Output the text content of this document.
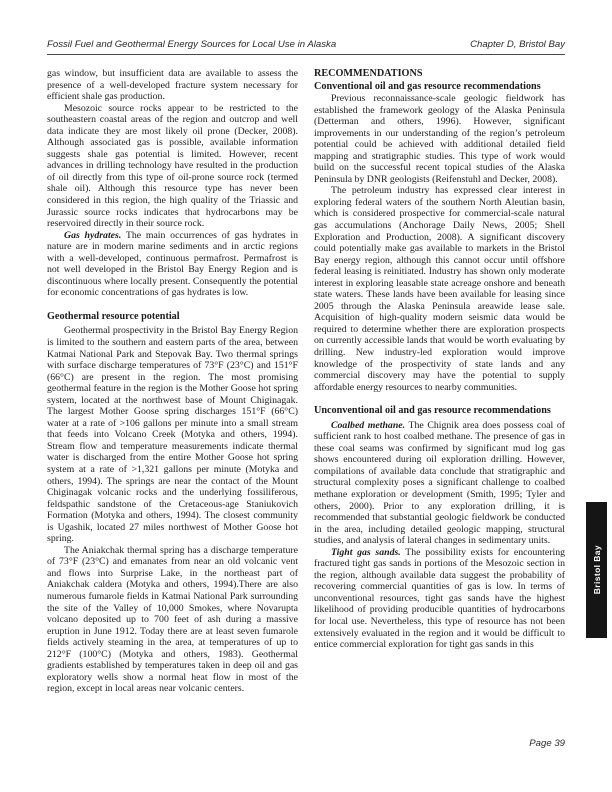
Fossil Fuel and Geothermal Energy Sources for Local Use in Alaska	Chapter D, Bristol Bay

gas window, but insufficient data are available to assess the presence of a well-developed fracture system necessary for efficient shale gas production.

Mesozoic source rocks appear to be restricted to the southeastern coastal areas of the region and outcrop and well data indicate they are most likely oil prone (Decker, 2008). Although associated gas is possible, available information suggests shale gas potential is limited. However, recent advances in drilling technology have resulted in the production of oil directly from this type of oil-prone source rock (termed shale oil). Although this resource type has never been considered in this region, the high quality of the Triassic and Jurassic source rocks indicates that hydrocarbons may be reservoired directly in their source rock.

Gas hydrates. The main occurrences of gas hydrates in nature are in modern marine sediments and in arctic regions with a well-developed, continuous permafrost. Permafrost is not well developed in the Bristol Bay Energy Region and is discontinuous where locally present. Consequently the potential for economic concentrations of gas hydrates is low.

Geothermal resource potential

Geothermal prospectivity in the Bristol Bay Energy Region is limited to the southern and eastern parts of the area, between Katmai National Park and Stepovak Bay. Two thermal springs with surface discharge temperatures of 73°F (23°C) and 151°F (66°C) are present in the region. The most promising geothermal feature in the region is the Mother Goose hot spring system, located at the northwest base of Mount Chiginagak. The largest Mother Goose spring discharges 151°F (66°C) water at a rate of >106 gallons per minute into a small stream that feeds into Volcano Creek (Motyka and others, 1994). Stream flow and temperature measurements indicate thermal water is discharged from the entire Mother Goose hot spring system at a rate of >1,321 gallons per minute (Motyka and others, 1994). The springs are near the contact of the Mount Chiginagak volcanic rocks and the underlying fossiliferous, feldspathic sandstone of the Cretaceous-age Staniukovich Formation (Motyka and others, 1994). The closest community is Ugashik, located 27 miles northwest of Mother Goose hot spring.

The Aniakchak thermal spring has a discharge temperature of 73°F (23°C) and emanates from near an old volcanic vent and flows into Surprise Lake, in the northeast part of Aniakchak caldera (Motyka and others, 1994).There are also numerous fumarole fields in Katmai National Park surrounding the site of the Valley of 10,000 Smokes, where Novarupta volcano deposited up to 700 feet of ash during a massive eruption in June 1912. Today there are at least seven fumarole fields actively steaming in the area, at temperatures of up to 212°F (100°C) (Motyka and others, 1983). Geothermal gradients established by temperatures taken in deep oil and gas exploratory wells show a normal heat flow in most of the region, except in local areas near volcanic centers.

RECOMMENDATIONS
Conventional oil and gas resource recommendations

Previous reconnaissance-scale geologic fieldwork has established the framework geology of the Alaska Peninsula (Detterman and others, 1996). However, significant improvements in our understanding of the region’s petroleum potential could be achieved with additional detailed field mapping and stratigraphic studies. This type of work would build on the successful recent topical studies of the Alaska Peninsula by DNR geologists (Reifenstuhl and Decker, 2008).

The petroleum industry has expressed clear interest in exploring federal waters of the southern North Aleutian basin, which is considered prospective for commercial-scale natural gas accumulations (Anchorage Daily News, 2005; Shell Exploration and Production, 2008). A significant discovery could potentially make gas available to markets in the Bristol Bay energy region, although this cannot occur until offshore federal leasing is reinitiated. Industry has shown only moderate interest in exploring leasable state acreage onshore and beneath state waters. These lands have been available for leasing since 2005 through the Alaska Peninsula areawide lease sale. Acquisition of high-quality modern seismic data would be required to determine whether there are exploration prospects on currently accessible lands that would be worth evaluating by drilling. New industry-led exploration would improve knowledge of the prospectivity of state lands and any commercial discovery may have the potential to supply affordable energy resources to nearby communities.

Unconventional oil and gas resource recommendations

Coalbed methane. The Chignik area does possess coal of sufficient rank to host coalbed methane. The presence of gas in these coal seams was confirmed by significant mud log gas shows encountered during oil exploration drilling. However, compilations of available data conclude that stratigraphic and structural complexity poses a significant challenge to coalbed methane exploration or development (Smith, 1995; Tyler and others, 2000). Prior to any exploration drilling, it is recommended that substantial geologic fieldwork be conducted in the area, including detailed geologic mapping, structural studies, and analysis of lateral changes in sedimentary units.

Tight gas sands. The possibility exists for encountering fractured tight gas sands in portions of the Mesozoic section in the region, although available data suggest the probability of recovering commercial quantities of gas is low. In terms of unconventional resources, tight gas sands have the highest likelihood of providing producible quantities of hydrocarbons for local use. Nevertheless, this type of resource has not been extensively evaluated in the region and it would be difficult to entice commercial exploration for tight gas sands in this

Page 39
Bristol Bay
